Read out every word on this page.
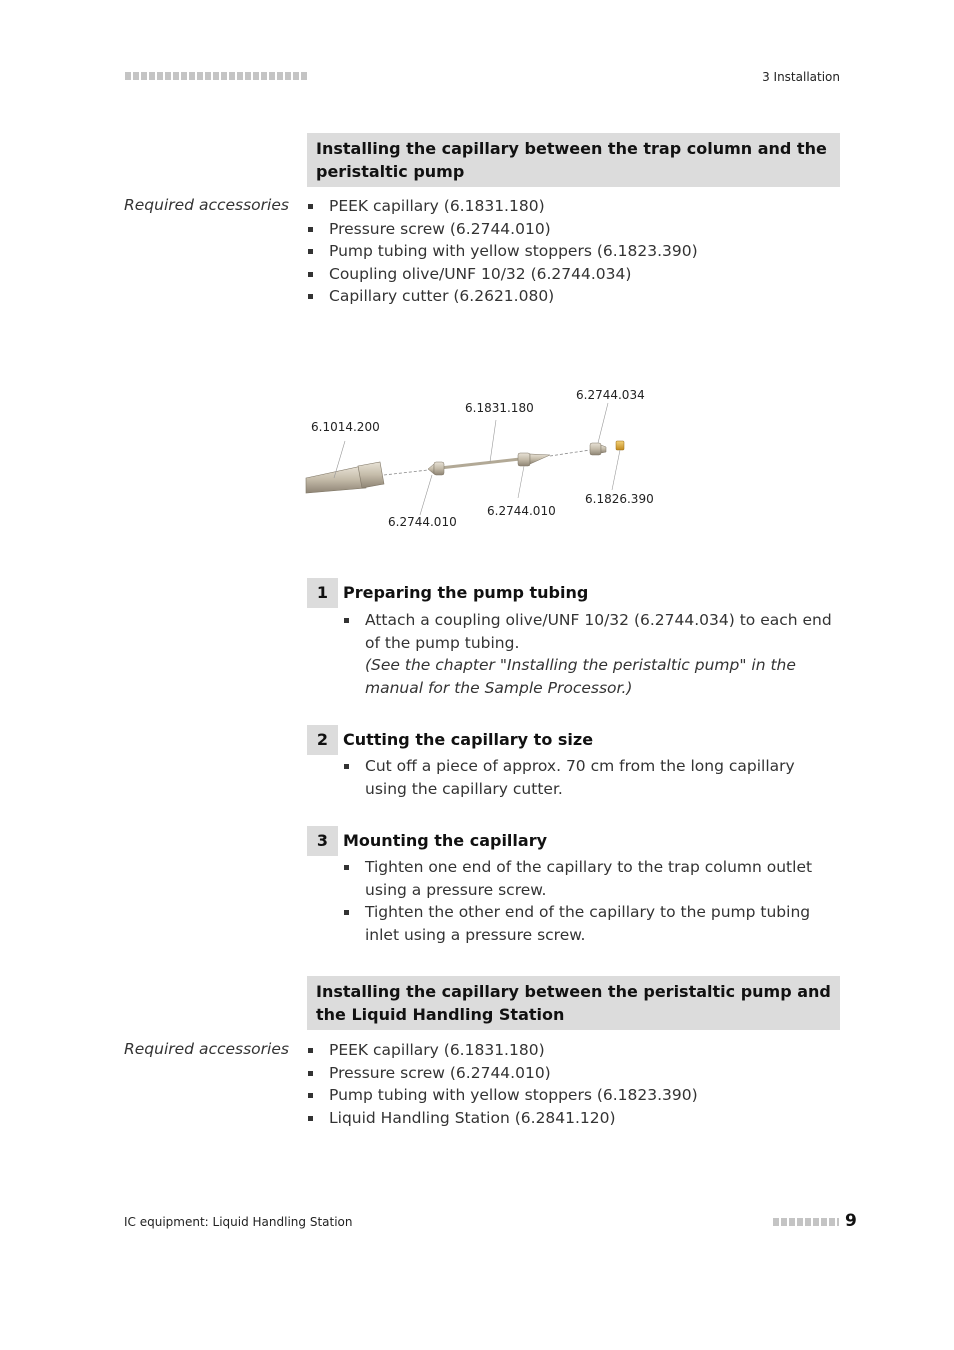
3 Installation
Installing the capillary between the trap column and the peristaltic pump
Required accessories	PEEK capillary (6.1831.180)
Pressure screw (6.2744.010)
Pump tubing with yellow stoppers (6.1823.390)
Coupling olive/UNF 10/32 (6.2744.034)
Capillary cutter (6.2621.080)
6.1014.200
6.1831.180
6.2744.034
6.2744.010
6.2744.010
6.1826.390
1 Preparing the pump tubing
Attach a coupling olive/UNF 10/32 (6.2744.034) to each end of the pump tubing.
(See the chapter "Installing the peristaltic pump" in the manual for the Sample Processor.)
2 Cutting the capillary to size
Cut off a piece of approx. 70 cm from the long capillary using the capillary cutter.
3 Mounting the capillary
Tighten one end of the capillary to the trap column outlet using a pressure screw.
Tighten the other end of the capillary to the pump tubing inlet using a pressure screw.
Installing the capillary between the peristaltic pump and the Liquid Handling Station
Required accessories	PEEK capillary (6.1831.180)
Pressure screw (6.2744.010)
Pump tubing with yellow stoppers (6.1823.390)
Liquid Handling Station (6.2841.120)
IC equipment: Liquid Handling Station	9
